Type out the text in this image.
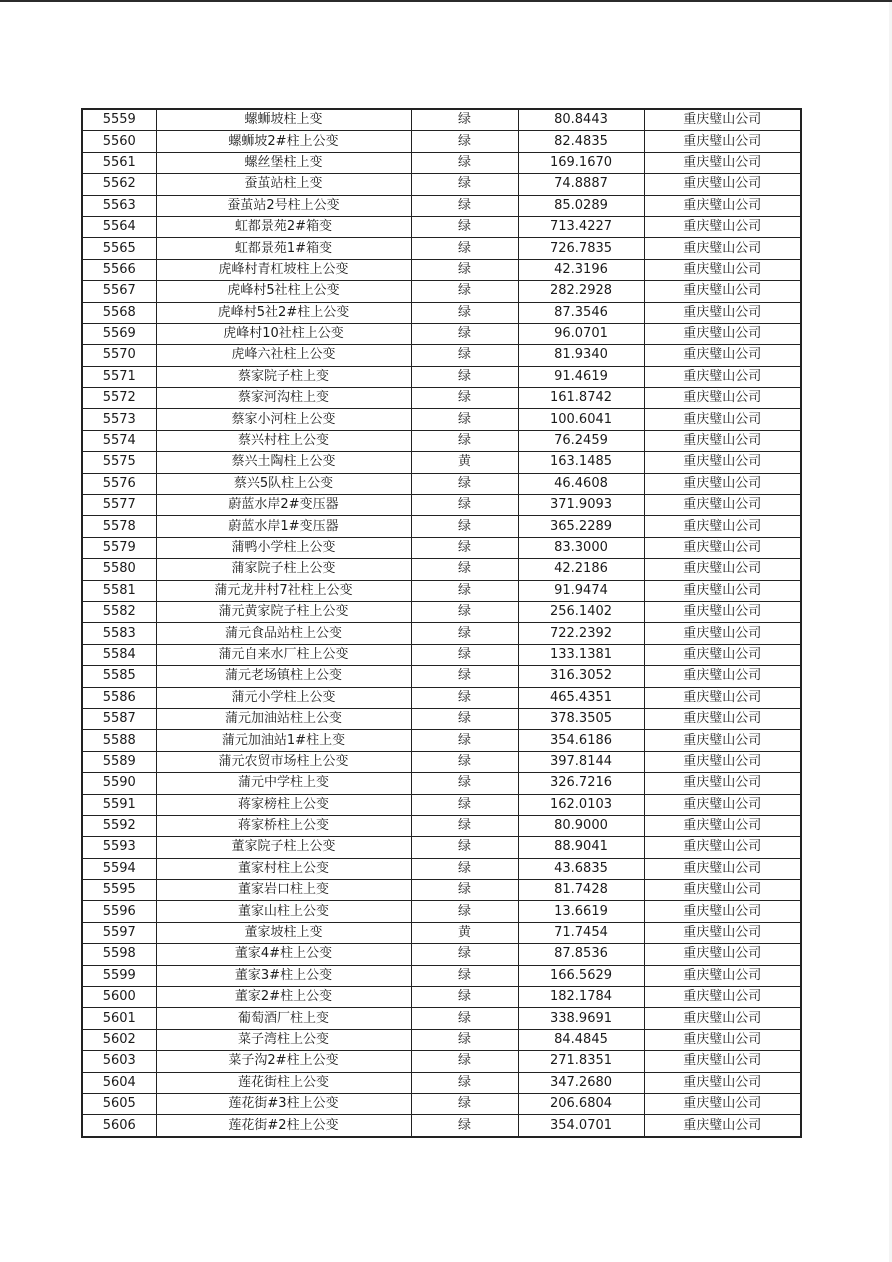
5559	螺蛳坡柱上变	绿	80.8443	重庆璧山公司
5560	螺蛳坡2#柱上公变	绿	82.4835	重庆璧山公司
5561	螺丝堡柱上变	绿	169.1670	重庆璧山公司
5562	蚕茧站柱上变	绿	74.8887	重庆璧山公司
5563	蚕茧站2号柱上公变	绿	85.0289	重庆璧山公司
5564	虹都景苑2#箱变	绿	713.4227	重庆璧山公司
5565	虹都景苑1#箱变	绿	726.7835	重庆璧山公司
5566	虎峰村青杠坡柱上公变	绿	42.3196	重庆璧山公司
5567	虎峰村5社柱上公变	绿	282.2928	重庆璧山公司
5568	虎峰村5社2#柱上公变	绿	87.3546	重庆璧山公司
5569	虎峰村10社柱上公变	绿	96.0701	重庆璧山公司
5570	虎峰六社柱上公变	绿	81.9340	重庆璧山公司
5571	蔡家院子柱上变	绿	91.4619	重庆璧山公司
5572	蔡家河沟柱上变	绿	161.8742	重庆璧山公司
5573	蔡家小河柱上公变	绿	100.6041	重庆璧山公司
5574	蔡兴村柱上公变	绿	76.2459	重庆璧山公司
5575	蔡兴土陶柱上公变	黄	163.1485	重庆璧山公司
5576	蔡兴5队柱上公变	绿	46.4608	重庆璧山公司
5577	蔚蓝水岸2#变压器	绿	371.9093	重庆璧山公司
5578	蔚蓝水岸1#变压器	绿	365.2289	重庆璧山公司
5579	蒲鸭小学柱上公变	绿	83.3000	重庆璧山公司
5580	蒲家院子柱上公变	绿	42.2186	重庆璧山公司
5581	蒲元龙井村7社柱上公变	绿	91.9474	重庆璧山公司
5582	蒲元黄家院子柱上公变	绿	256.1402	重庆璧山公司
5583	蒲元食品站柱上公变	绿	722.2392	重庆璧山公司
5584	蒲元自来水厂柱上公变	绿	133.1381	重庆璧山公司
5585	蒲元老场镇柱上公变	绿	316.3052	重庆璧山公司
5586	蒲元小学柱上公变	绿	465.4351	重庆璧山公司
5587	蒲元加油站柱上公变	绿	378.3505	重庆璧山公司
5588	蒲元加油站1#柱上变	绿	354.6186	重庆璧山公司
5589	蒲元农贸市场柱上公变	绿	397.8144	重庆璧山公司
5590	蒲元中学柱上变	绿	326.7216	重庆璧山公司
5591	蒋家榜柱上公变	绿	162.0103	重庆璧山公司
5592	蒋家桥柱上公变	绿	80.9000	重庆璧山公司
5593	董家院子柱上公变	绿	88.9041	重庆璧山公司
5594	董家村柱上公变	绿	43.6835	重庆璧山公司
5595	董家岩口柱上变	绿	81.7428	重庆璧山公司
5596	董家山柱上公变	绿	13.6619	重庆璧山公司
5597	董家坡柱上变	黄	71.7454	重庆璧山公司
5598	董家4#柱上公变	绿	87.8536	重庆璧山公司
5599	董家3#柱上公变	绿	166.5629	重庆璧山公司
5600	董家2#柱上公变	绿	182.1784	重庆璧山公司
5601	葡萄酒厂柱上变	绿	338.9691	重庆璧山公司
5602	菜子湾柱上公变	绿	84.4845	重庆璧山公司
5603	菜子沟2#柱上公变	绿	271.8351	重庆璧山公司
5604	莲花街柱上公变	绿	347.2680	重庆璧山公司
5605	莲花街#3柱上公变	绿	206.6804	重庆璧山公司
5606	莲花街#2柱上公变	绿	354.0701	重庆璧山公司
